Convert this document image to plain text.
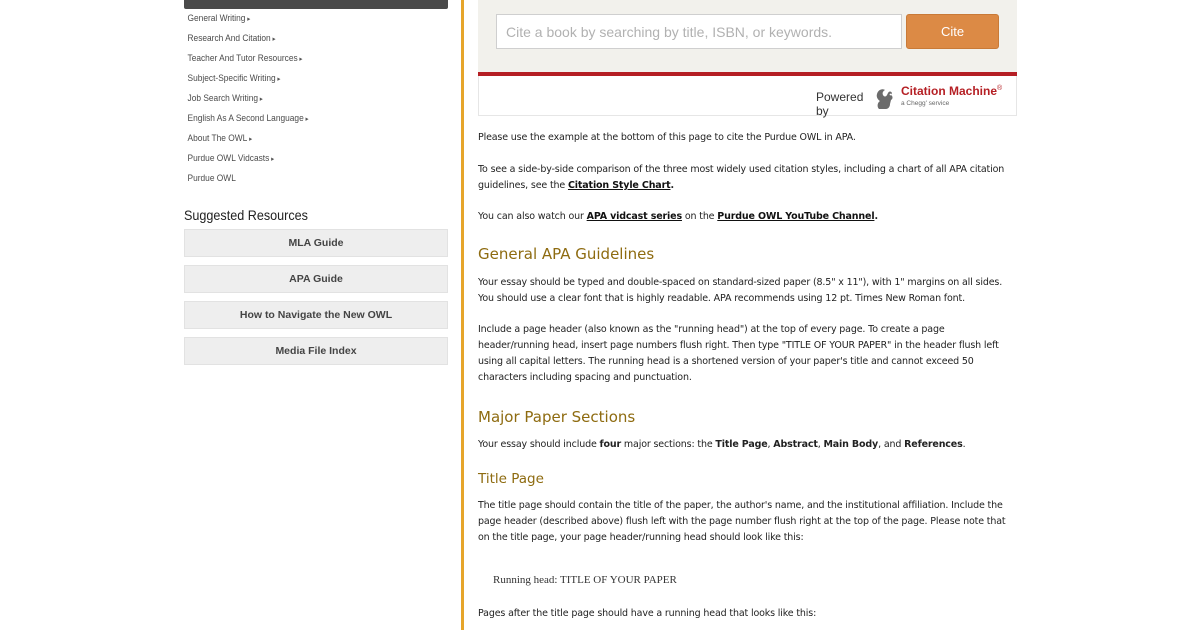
General Writing ▸
Research And Citation ▸
Teacher And Tutor Resources ▸
Subject-Specific Writing ▸
Job Search Writing ▸
English As A Second Language ▸
About The OWL ▸
Purdue OWL Vidcasts ▸
Purdue OWL
Suggested Resources
MLA Guide
APA Guide
How to Navigate the New OWL
Media File Index
Cite a book by searching by title, ISBN, or keywords.
Cite
Powered by
Citation Machine®
a Chegg' service

Please use the example at the bottom of this page to cite the Purdue OWL in APA.

To see a side-by-side comparison of the three most widely used citation styles, including a chart of all APA citation guidelines, see the Citation Style Chart.

You can also watch our APA vidcast series on the Purdue OWL YouTube Channel.

General APA Guidelines

Your essay should be typed and double-spaced on standard-sized paper (8.5" x 11"), with 1" margins on all sides. You should use a clear font that is highly readable. APA recommends using 12 pt. Times New Roman font.

Include a page header (also known as the "running head") at the top of every page. To create a page header/running head, insert page numbers flush right. Then type "TITLE OF YOUR PAPER" in the header flush left using all capital letters. The running head is a shortened version of your paper's title and cannot exceed 50 characters including spacing and punctuation.

Major Paper Sections

Your essay should include four major sections: the Title Page, Abstract, Main Body, and References.

Title Page

The title page should contain the title of the paper, the author's name, and the institutional affiliation. Include the page header (described above) flush left with the page number flush right at the top of the page. Please note that on the title page, your page header/running head should look like this:

Running head: TITLE OF YOUR PAPER

Pages after the title page should have a running head that looks like this:
